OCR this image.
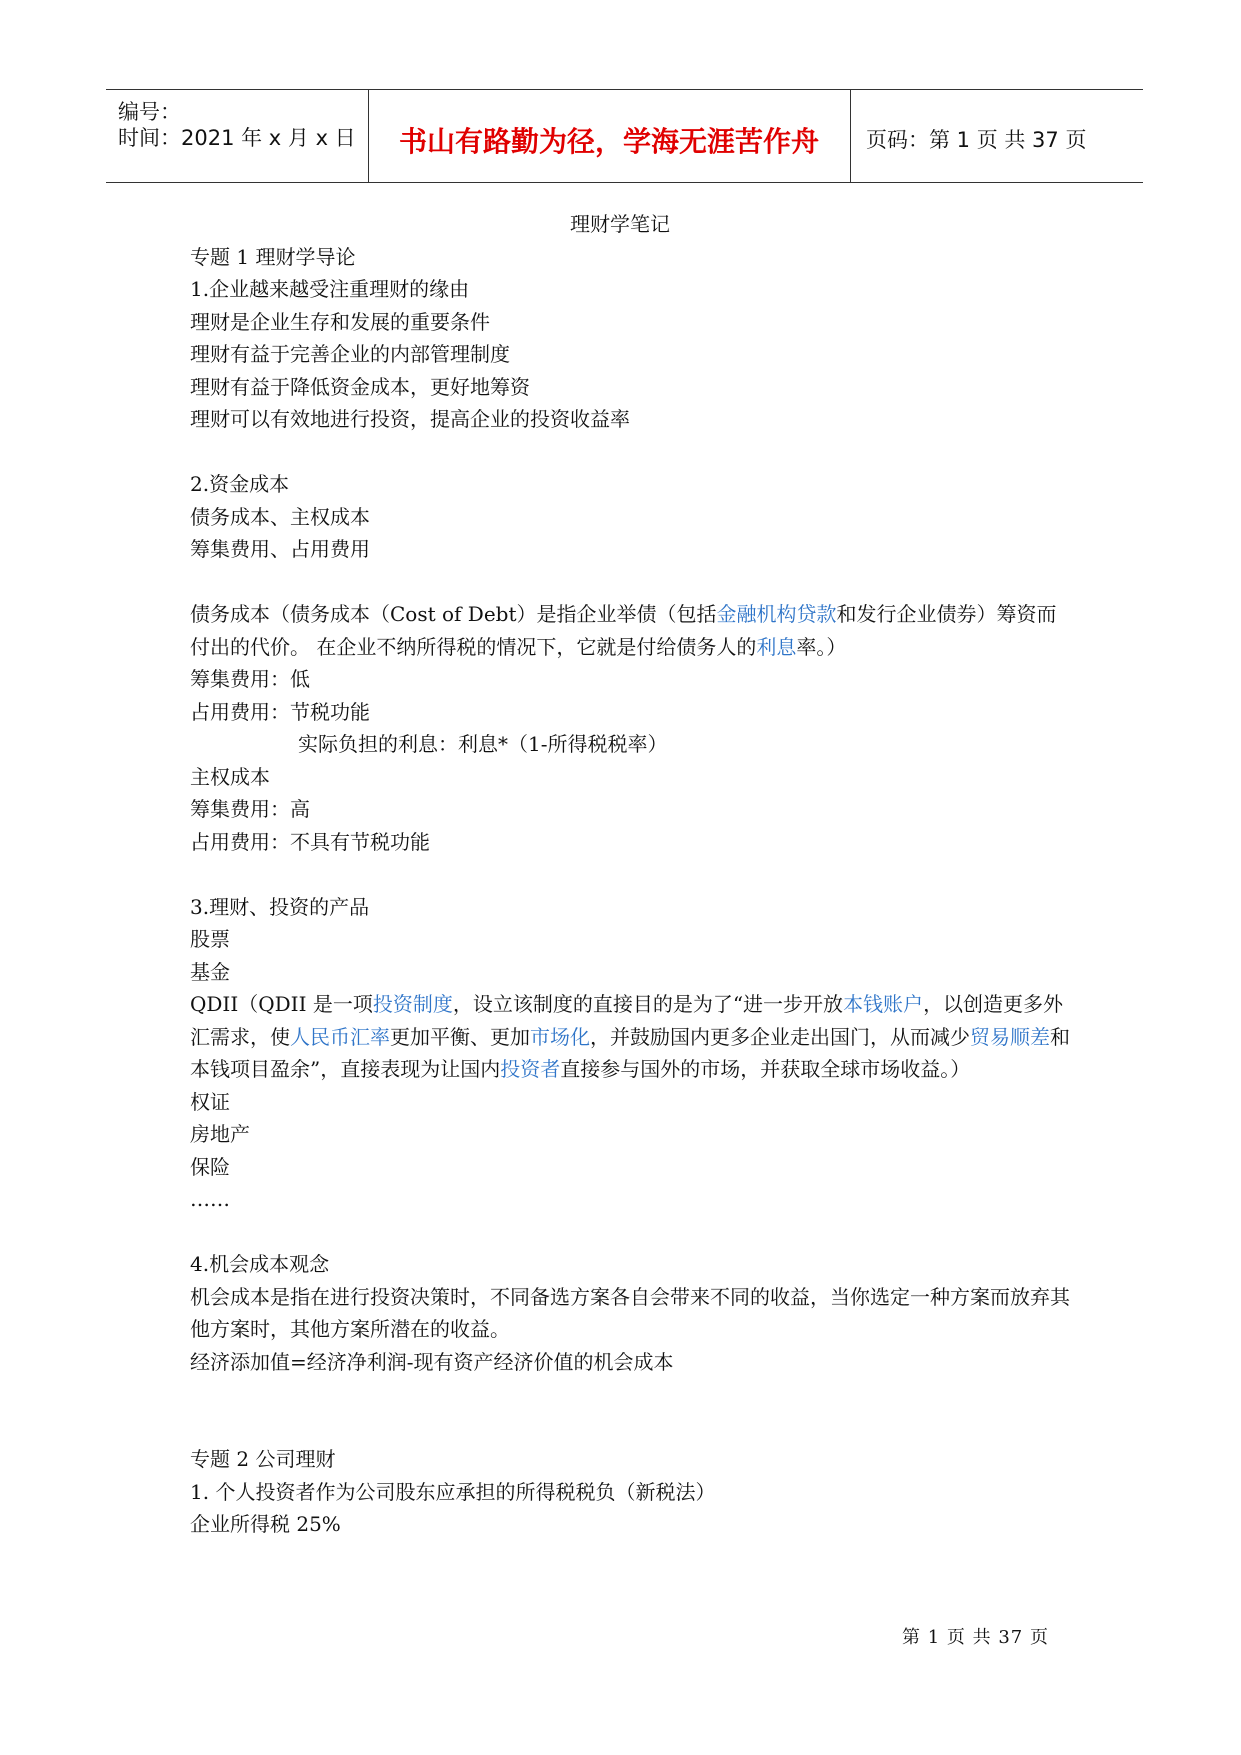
编号：
时间：2021 年 x 月 x 日	书山有路勤为径，学海无涯苦作舟	页码：第 1 页 共 37 页
理财学笔记
专题 1 理财学导论
1.企业越来越受注重理财的缘由
理财是企业生存和发展的重要条件
理财有益于完善企业的内部管理制度
理财有益于降低资金成本，更好地筹资
理财可以有效地进行投资，提高企业的投资收益率
2.资金成本
债务成本、主权成本
筹集费用、占用费用
债务成本（债务成本（Cost of Debt）是指企业举债（包括金融机构贷款和发行企业债券）筹资而付出的代价。 在企业不纳所得税的情况下，它就是付给债务人的利息率。）
筹集费用：低
占用费用：节税功能
实际负担的利息：利息*（1-所得税税率）
主权成本
筹集费用：高
占用费用：不具有节税功能
3.理财、投资的产品
股票
基金
QDII（QDII 是一项投资制度，设立该制度的直接目的是为了“进一步开放本钱账户，以创造更多外汇需求，使人民币汇率更加平衡、更加市场化，并鼓励国内更多企业走出国门，从而减少贸易顺差和本钱项目盈余”，直接表现为让国内投资者直接参与国外的市场，并获取全球市场收益。）
权证
房地产
保险
……
4.机会成本观念
机会成本是指在进行投资决策时，不同备选方案各自会带来不同的收益，当你选定一种方案而放弃其他方案时，其他方案所潜在的收益。
经济添加值=经济净利润-现有资产经济价值的机会成本
专题 2 公司理财
1. 个人投资者作为公司股东应承担的所得税税负（新税法）
企业所得税 25%
第 1 页 共 37 页
